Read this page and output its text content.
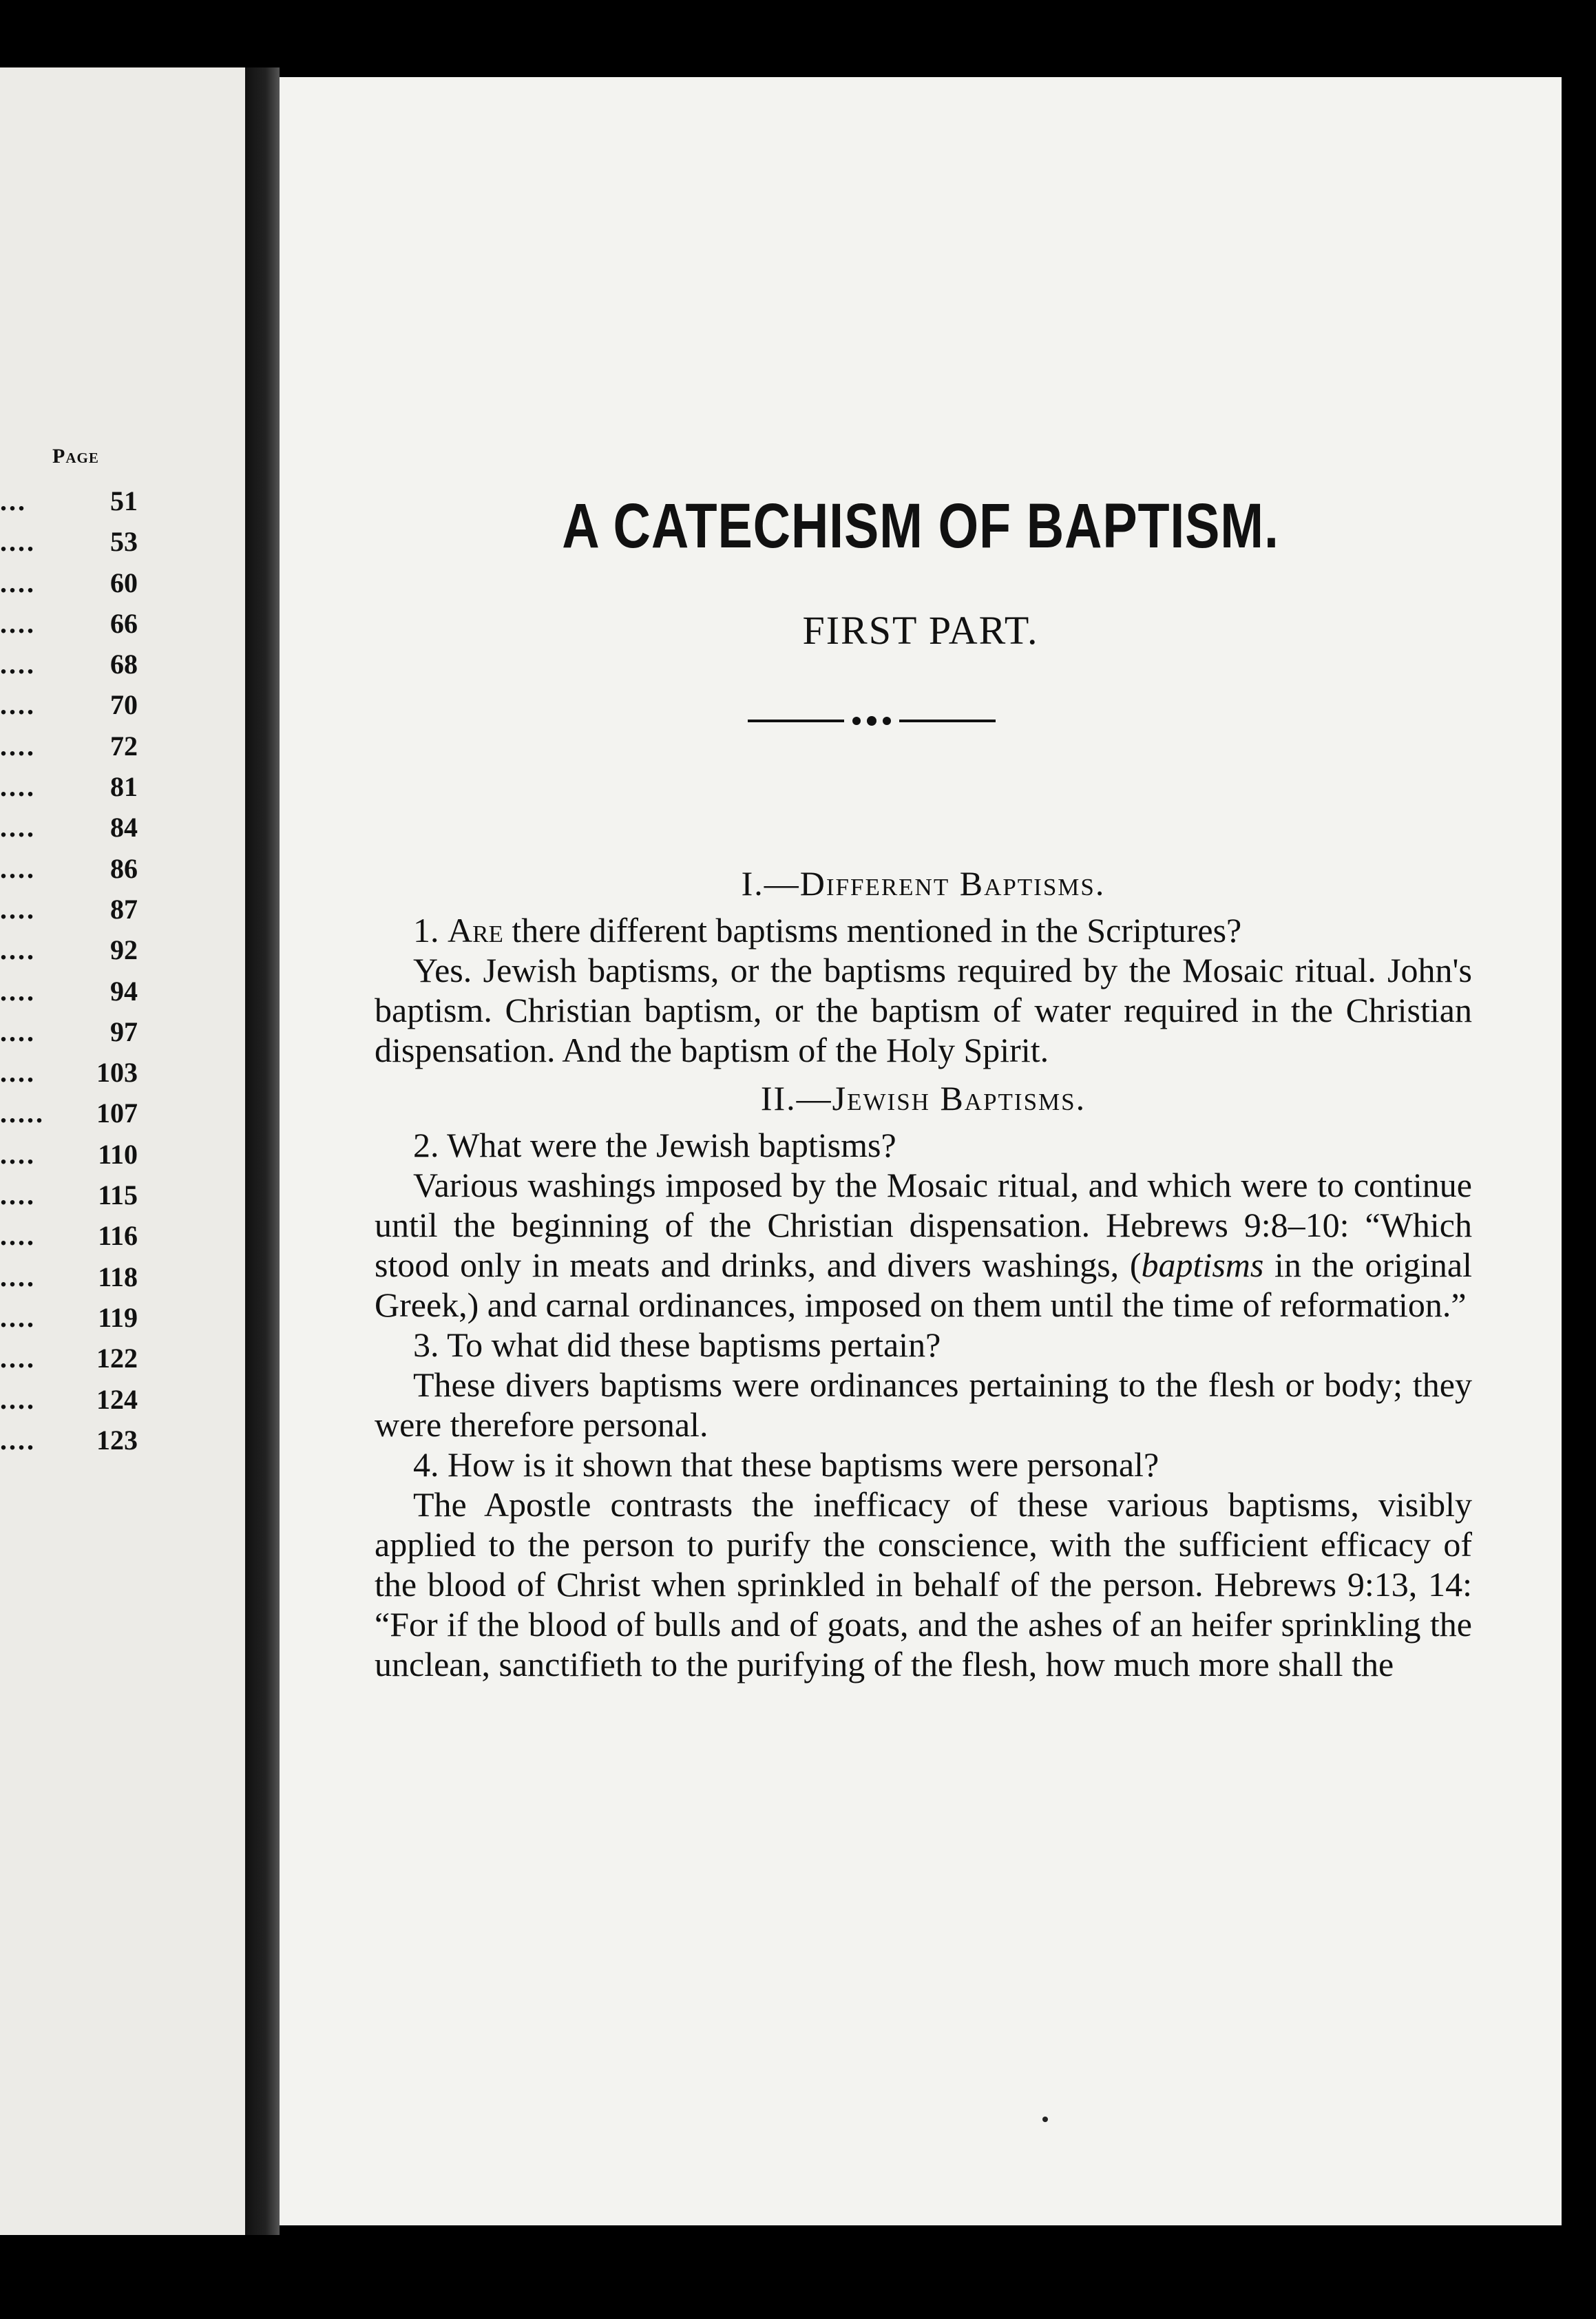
Page
...	51
....	53
....	60
....	66
....	68
....	70
....	72
....	81
....	84
....	86
....	87
....	92
....	94
....	97
.... 103
..... 107
.... 110
.... 115
.... 116
.... 118
.... 119
.... 122
.... 124
.... 123
A CATECHISM OF BAPTISM.
FIRST PART.

I.—Different Baptisms.

1. Are there different baptisms mentioned in the Scriptures?

Yes. Jewish baptisms, or the baptisms required by the Mosaic ritual. John's baptism. Christian baptism, or the baptism of water required in the Christian dispensation. And the baptism of the Holy Spirit.

II.—Jewish Baptisms.

2. What were the Jewish baptisms?

Various washings imposed by the Mosaic ritual, and which were to continue until the beginning of the Christian dispensation. Hebrews 9:8–10: “Which stood only in meats and drinks, and divers washings, (baptisms in the original Greek,) and carnal ordinances, imposed on them until the time of reformation.”

3. To what did these baptisms pertain?

These divers baptisms were ordinances pertaining to the flesh or body; they were therefore personal.

4. How is it shown that these baptisms were personal?

The Apostle contrasts the inefficacy of these various baptisms, visibly applied to the person to purify the conscience, with the sufficient efficacy of the blood of Christ when sprinkled in behalf of the person. Hebrews 9:13, 14: “For if the blood of bulls and of goats, and the ashes of an heifer sprinkling the unclean, sanctifieth to the purifying of the flesh, how much more shall the
